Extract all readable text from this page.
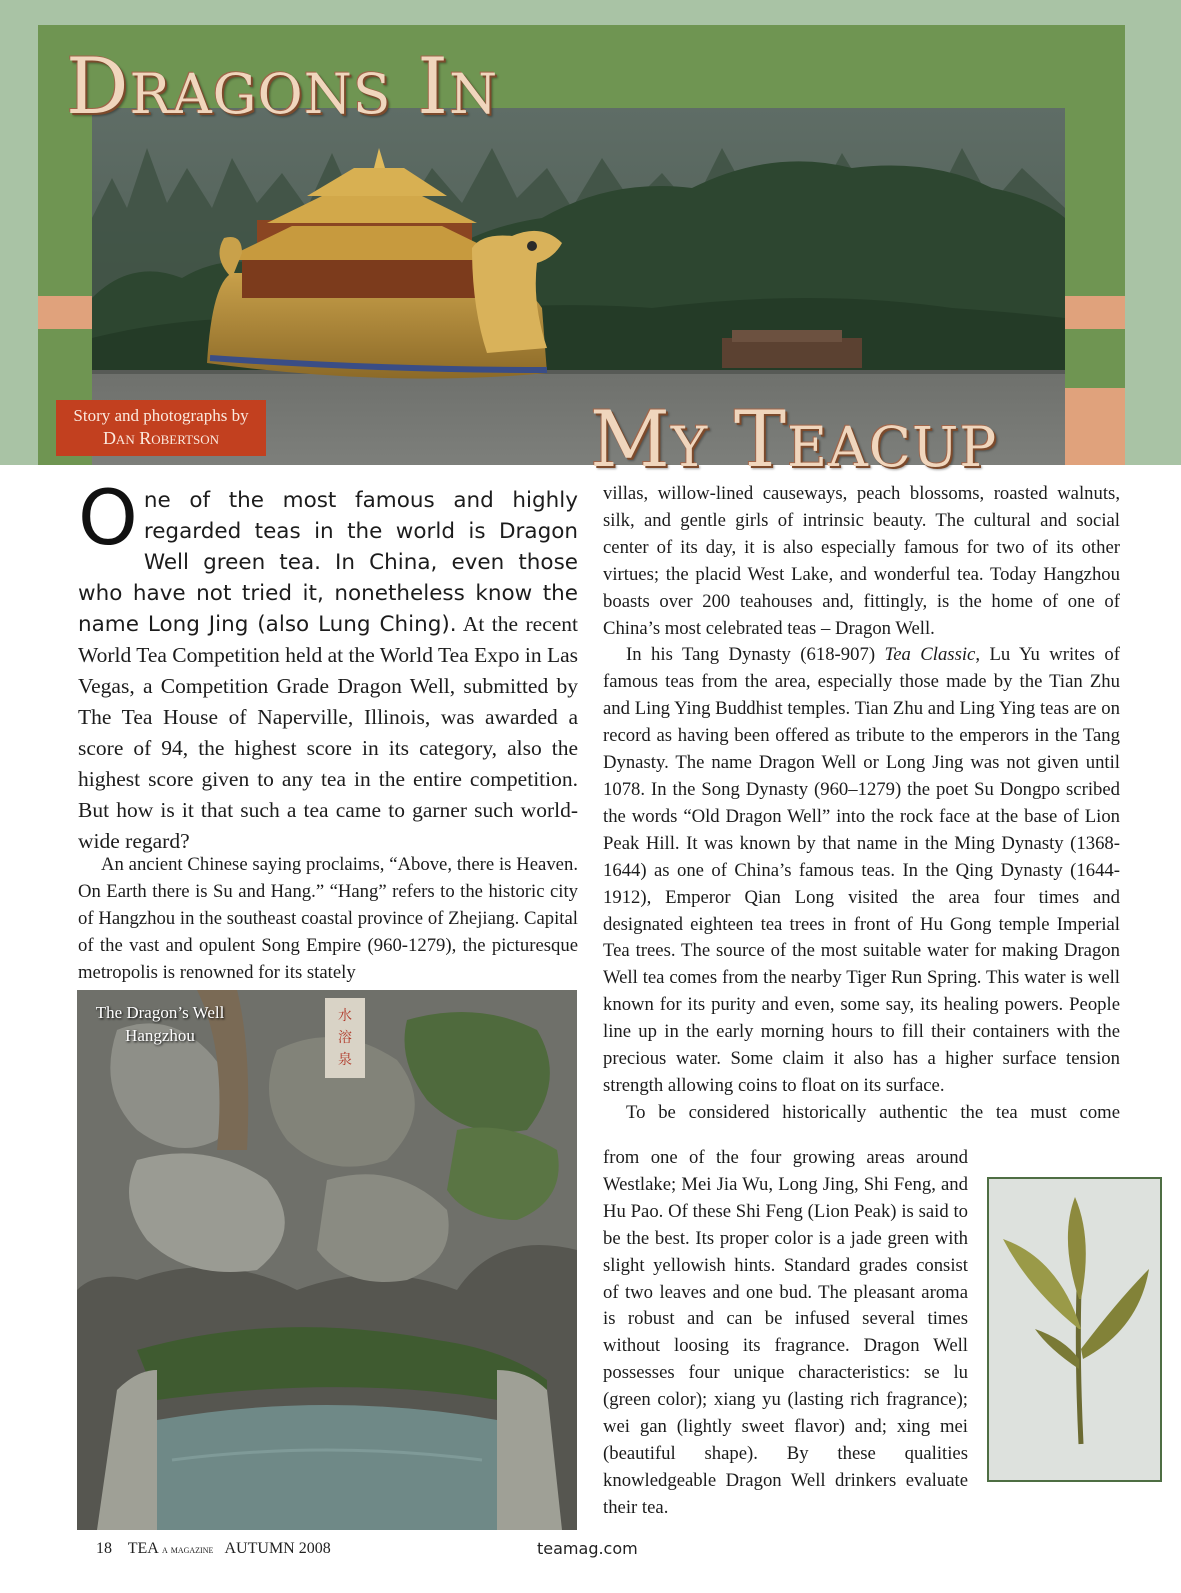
Dragons In
My Teacup
Story and photographs by
Dan Robertson

One of the most famous and highly regarded teas in the world is Dragon Well green tea. In China, even those who have not tried it, nonetheless know the name Long Jing (also Lung Ching). At the recent World Tea Competition held at the World Tea Expo in Las Vegas, a Competition Grade Dragon Well, submitted by The Tea House of Naperville, Illinois, was awarded a score of 94, the highest score in its category, also the highest score given to any tea in the entire competition. But how is it that such a tea came to garner such world-wide regard?

An ancient Chinese saying proclaims, “Above, there is Heaven. On Earth there is Su and Hang.” “Hang” refers to the historic city of Hangzhou in the southeast coastal province of Zhejiang. Capital of the vast and opulent Song Empire (960-1279), the picturesque metropolis is renowned for its stately

水
溶
泉
The Dragon’s Well
Hangzhou

villas, willow-lined causeways, peach blossoms, roasted walnuts, silk, and gentle girls of intrinsic beauty. The cultural and social center of its day, it is also especially famous for two of its other virtues; the placid West Lake, and wonderful tea. Today Hangzhou boasts over 200 teahouses and, fittingly, is the home of one of China’s most celebrated teas – Dragon Well.

In his Tang Dynasty (618-907) Tea Classic, Lu Yu writes of famous teas from the area, especially those made by the Tian Zhu and Ling Ying Buddhist temples. Tian Zhu and Ling Ying teas are on record as having been offered as tribute to the emperors in the Tang Dynasty. The name Dragon Well or Long Jing was not given until 1078. In the Song Dynasty (960–1279) the poet Su Dongpo scribed the words “Old Dragon Well” into the rock face at the base of Lion Peak Hill. It was known by that name in the Ming Dynasty (1368-1644) as one of China’s famous teas. In the Qing Dynasty (1644-1912), Emperor Qian Long visited the area four times and designated eighteen tea trees in front of Hu Gong temple Imperial Tea trees. The source of the most suitable water for making Dragon Well tea comes from the nearby Tiger Run Spring. This water is well known for its purity and even, some say, its healing powers. People line up in the early morning hours to fill their containers with the precious water. Some claim it also has a higher surface tension strength allowing coins to float on its surface.

To be considered historically authentic the tea must come

from one of the four growing areas around Westlake; Mei Jia Wu, Long Jing, Shi Feng, and Hu Pao. Of these Shi Feng (Lion Peak) is said to be the best. Its proper color is a jade green with slight yellowish hints. Standard grades consist of two leaves and one bud. The pleasant aroma is robust and can be infused several times without loosing its fragrance. Dragon Well possesses four unique characteristics: se lu (green color); xiang yu (lasting rich fragrance); wei gan (lightly sweet flavor) and; xing mei (beautiful shape). By these qualities knowledgeable Dragon Well drinkers evaluate their tea.

18 TEA a magazine AUTUMN 2008	teamag.com
